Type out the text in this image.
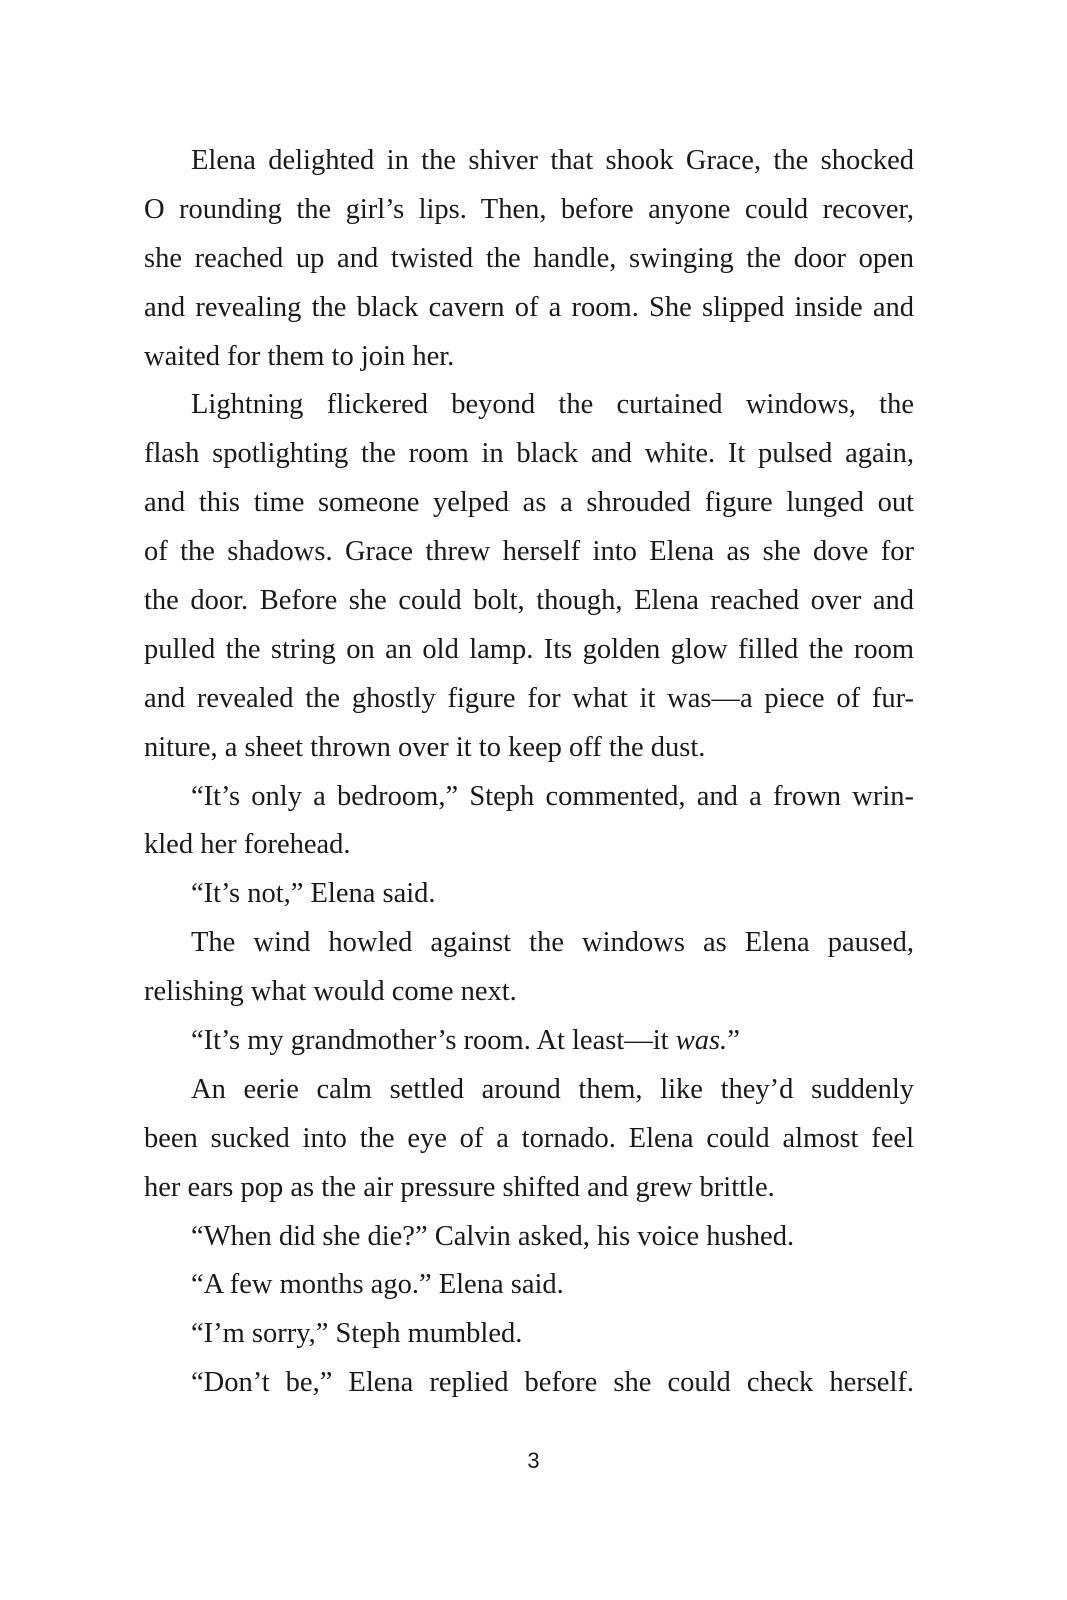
Elena delighted in the shiver that shook Grace, the shocked
O rounding the girl’s lips. Then, before anyone could recover,
she reached up and twisted the handle, swinging the door open
and revealing the black cavern of a room. She slipped inside and
waited for them to join her.
Lightning flickered beyond the curtained windows, the
flash spotlighting the room in black and white. It pulsed again,
and this time someone yelped as a shrouded figure lunged out
of the shadows. Grace threw herself into Elena as she dove for
the door. Before she could bolt, though, Elena reached over and
pulled the string on an old lamp. Its golden glow filled the room
and revealed the ghostly figure for what it was—a piece of fur-
niture, a sheet thrown over it to keep off the dust.
“It’s only a bedroom,” Steph commented, and a frown wrin-
kled her forehead.
“It’s not,” Elena said.
The wind howled against the windows as Elena paused,
relishing what would come next.
“It’s my grandmother’s room. At least—it was.”
An eerie calm settled around them, like they’d suddenly
been sucked into the eye of a tornado. Elena could almost feel
her ears pop as the air pressure shifted and grew brittle.
“When did she die?” Calvin asked, his voice hushed.
“A few months ago.” Elena said.
“I’m sorry,” Steph mumbled.
“Don’t be,” Elena replied before she could check herself.
3
